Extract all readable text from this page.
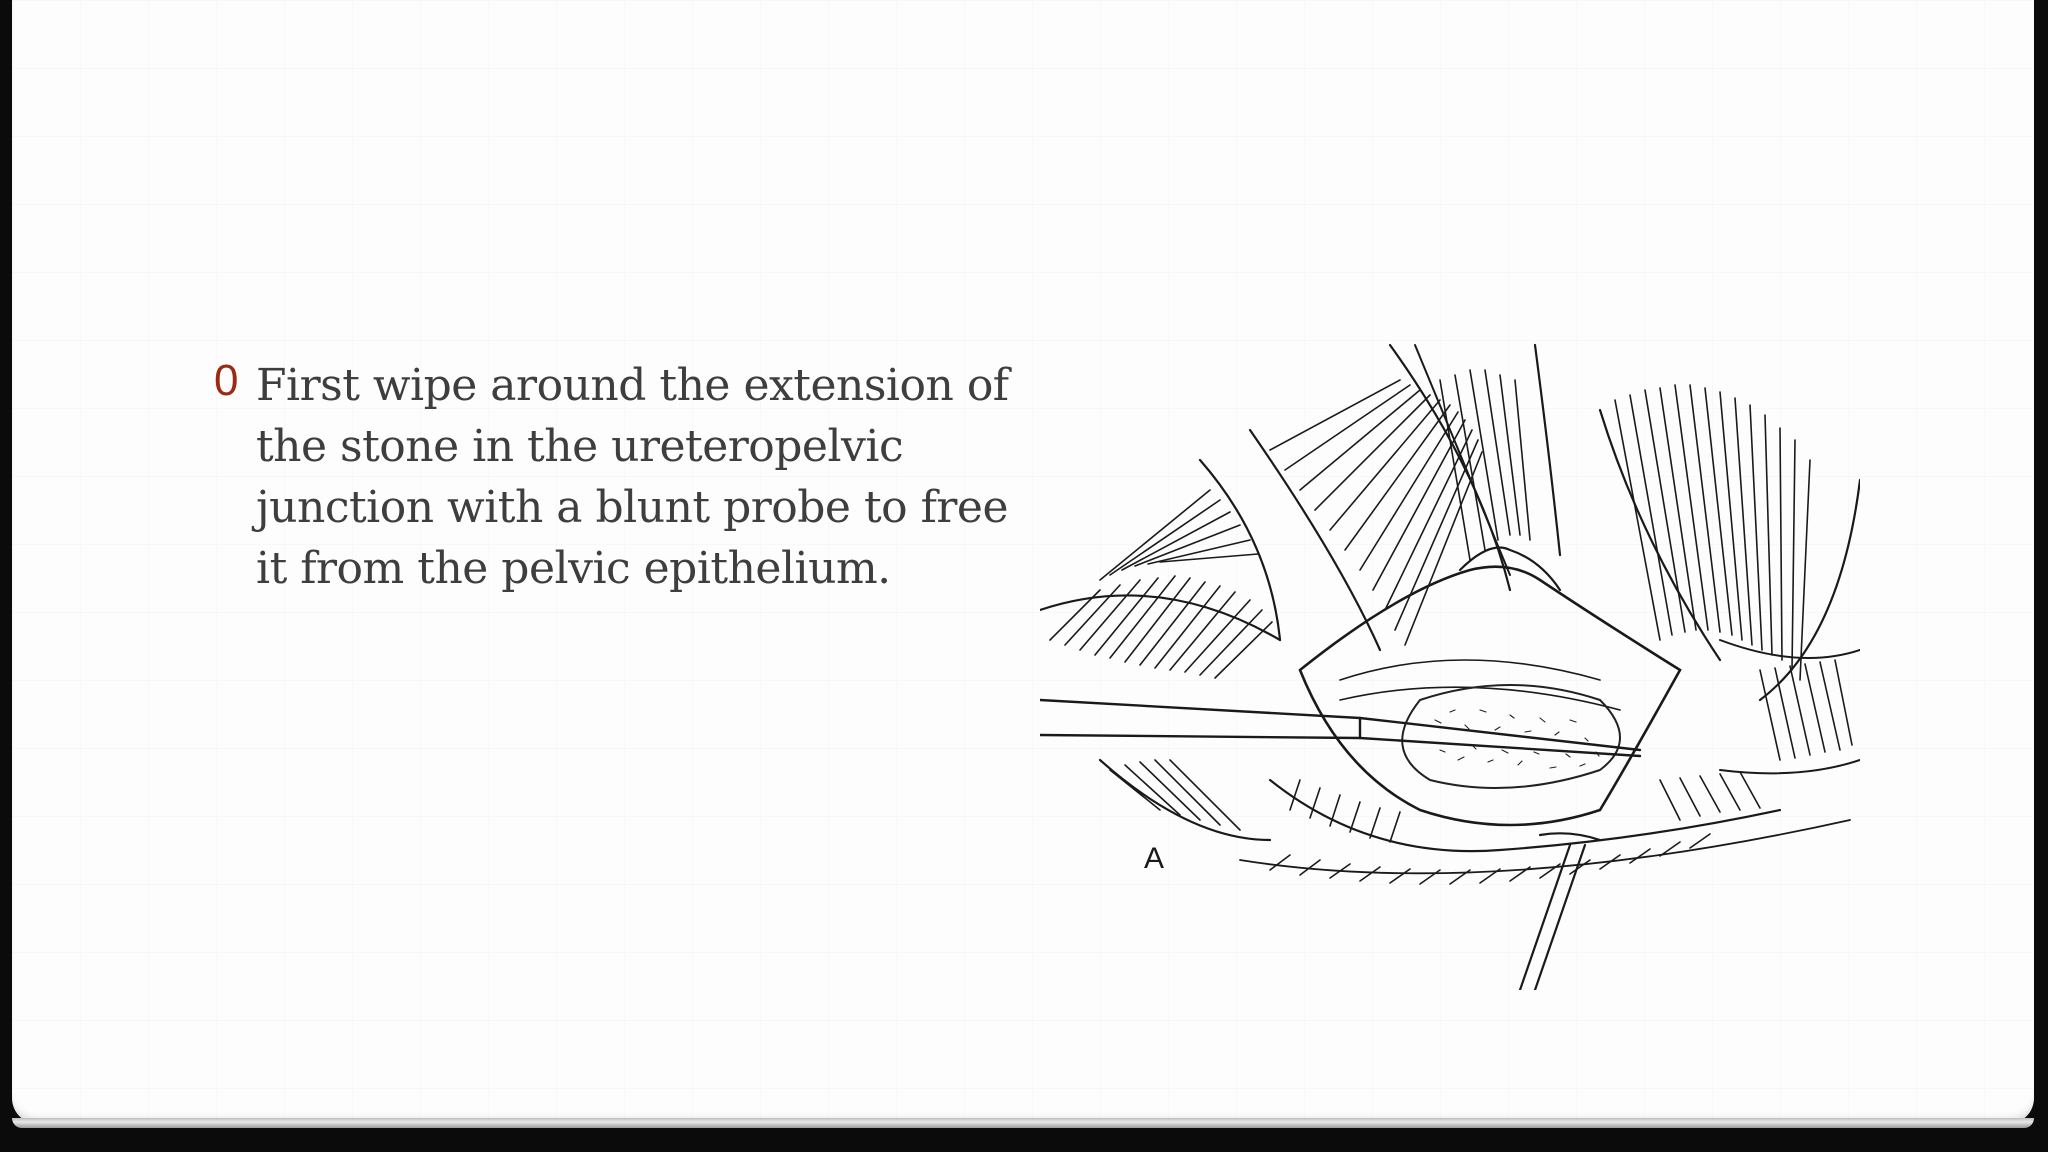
0 First wipe around the extension of the stone in the ureteropelvic junction with a blunt probe to free it from the pelvic epithelium.
A
